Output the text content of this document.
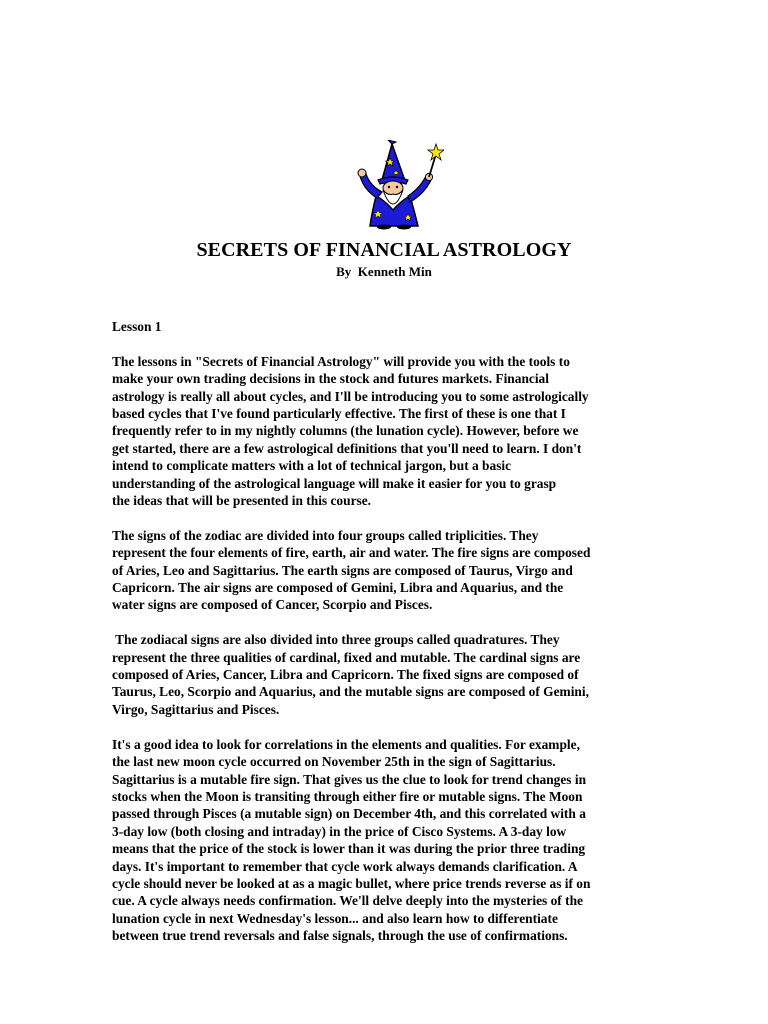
SECRETS OF FINANCIAL ASTROLOGY
By  Kenneth Min

Lesson 1

The lessons in "Secrets of Financial Astrology" will provide you with the tools to
make your own trading decisions in the stock and futures markets. Financial
astrology is really all about cycles, and I'll be introducing you to some astrologically
based cycles that I've found particularly effective. The first of these is one that I
frequently refer to in my nightly columns (the lunation cycle). However, before we
get started, there are a few astrological definitions that you'll need to learn. I don't
intend to complicate matters with a lot of technical jargon, but a basic
understanding of the astrological language will make it easier for you to grasp
the ideas that will be presented in this course.

The signs of the zodiac are divided into four groups called triplicities. They
represent the four elements of fire, earth, air and water. The fire signs are composed
of Aries, Leo and Sagittarius. The earth signs are composed of Taurus, Virgo and
Capricorn. The air signs are composed of Gemini, Libra and Aquarius, and the
water signs are composed of Cancer, Scorpio and Pisces.

The zodiacal signs are also divided into three groups called quadratures. They
represent the three qualities of cardinal, fixed and mutable. The cardinal signs are
composed of Aries, Cancer, Libra and Capricorn. The fixed signs are composed of
Taurus, Leo, Scorpio and Aquarius, and the mutable signs are composed of Gemini,
Virgo, Sagittarius and Pisces.

It's a good idea to look for correlations in the elements and qualities. For example,
the last new moon cycle occurred on November 25th in the sign of Sagittarius.
Sagittarius is a mutable fire sign. That gives us the clue to look for trend changes in
stocks when the Moon is transiting through either fire or mutable signs. The Moon
passed through Pisces (a mutable sign) on December 4th, and this correlated with a
3-day low (both closing and intraday) in the price of Cisco Systems. A 3-day low
means that the price of the stock is lower than it was during the prior three trading
days. It's important to remember that cycle work always demands clarification. A
cycle should never be looked at as a magic bullet, where price trends reverse as if on
cue. A cycle always needs confirmation. We'll delve deeply into the mysteries of the
lunation cycle in next Wednesday's lesson... and also learn how to differentiate
between true trend reversals and false signals, through the use of confirmations.
